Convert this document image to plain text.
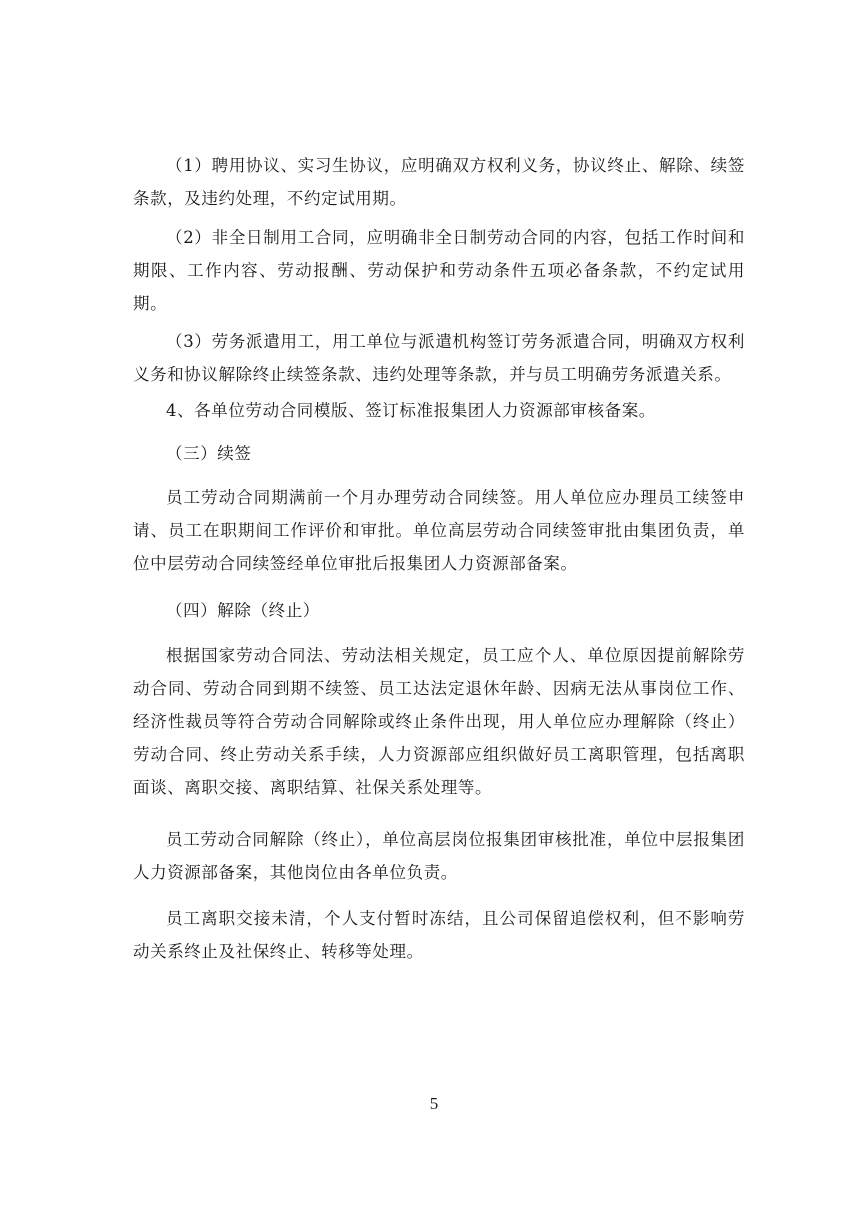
（1）聘用协议、实习生协议，应明确双方权利义务，协议终止、解除、续签条款，及违约处理，不约定试用期。

（2）非全日制用工合同，应明确非全日制劳动合同的内容，包括工作时间和期限、工作内容、劳动报酬、劳动保护和劳动条件五项必备条款，不约定试用期。

（3）劳务派遣用工，用工单位与派遣机构签订劳务派遣合同，明确双方权利义务和协议解除终止续签条款、违约处理等条款，并与员工明确劳务派遣关系。

4、各单位劳动合同模版、签订标准报集团人力资源部审核备案。

（三）续签

员工劳动合同期满前一个月办理劳动合同续签。用人单位应办理员工续签申请、员工在职期间工作评价和审批。单位高层劳动合同续签审批由集团负责，单位中层劳动合同续签经单位审批后报集团人力资源部备案。

（四）解除（终止）

根据国家劳动合同法、劳动法相关规定，员工应个人、单位原因提前解除劳动合同、劳动合同到期不续签、员工达法定退休年龄、因病无法从事岗位工作、经济性裁员等符合劳动合同解除或终止条件出现，用人单位应办理解除（终止）劳动合同、终止劳动关系手续，人力资源部应组织做好员工离职管理，包括离职面谈、离职交接、离职结算、社保关系处理等。

员工劳动合同解除（终止），单位高层岗位报集团审核批准，单位中层报集团人力资源部备案，其他岗位由各单位负责。

员工离职交接未清，个人支付暂时冻结，且公司保留追偿权利，但不影响劳动关系终止及社保终止、转移等处理。

5
